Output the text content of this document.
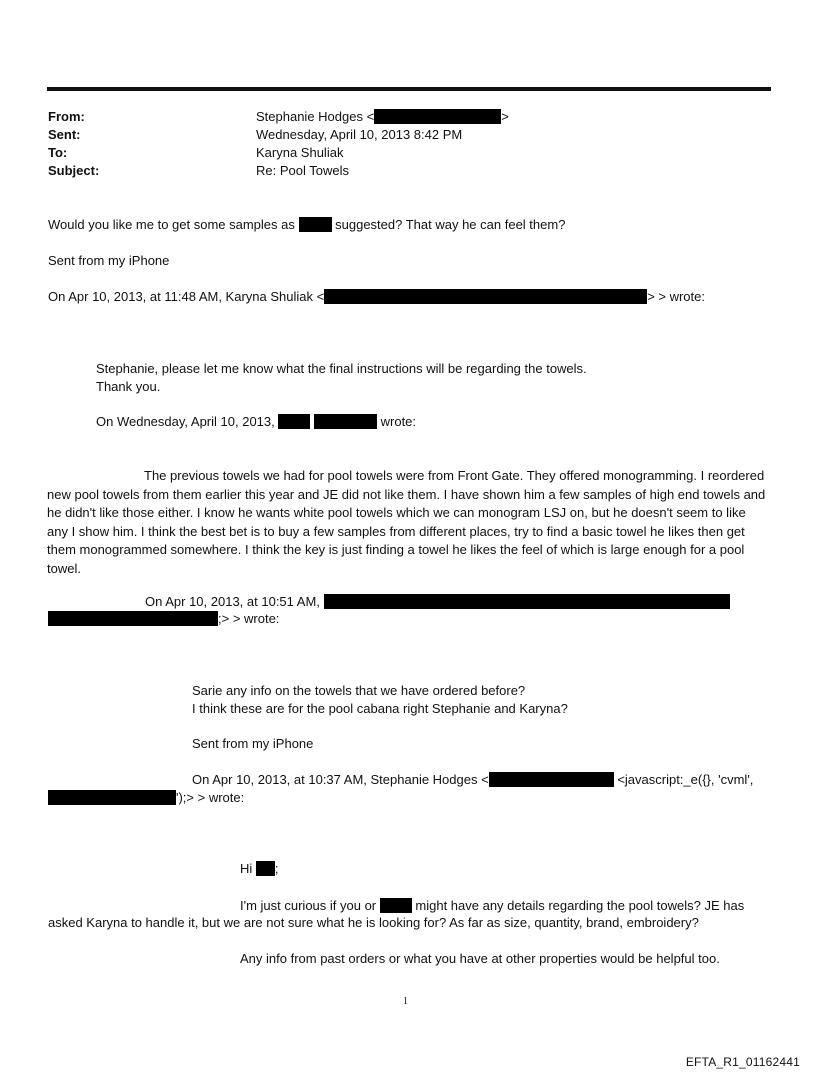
From:	Stephanie Hodges <	>
Sent:	Wednesday, April 10, 2013 8:42 PM
To:	Karyna Shuliak
Subject:	Re: Pool Towels
Would you like me to get some samples as	suggested? That way he can feel them?
Sent from my iPhone
On Apr 10, 2013, at 11:48 AM, Karyna Shuliak <	> > wrote:
Stephanie, please let me know what the final instructions will be regarding the towels.
Thank you.
On Wednesday, April 10, 2013,	wrote:
The previous towels we had for pool towels were from Front Gate. They offered monogramming. I reordered new pool towels from them earlier this year and JE did not like them. I have shown him a few samples of high end towels and he didn't like those either. I know he wants white pool towels which we can monogram LSJ on, but he doesn't seem to like any I show him. I think the best bet is to buy a few samples from different places, try to find a basic towel he likes then get them monogrammed somewhere. I think the key is just finding a towel he likes the feel of which is large enough for a pool towel.
On Apr 10, 2013, at 10:51 AM,
;> > wrote:
Sarie any info on the towels that we have ordered before?
I think these are for the pool cabana right Stephanie and Karyna?
Sent from my iPhone
On Apr 10, 2013, at 10:37 AM, Stephanie Hodges <	<javascript:_e({}, 'cvml',
');> > wrote:
Hi ;
I'm just curious if you or	might have any details regarding the pool towels? JE has
asked Karyna to handle it, but we are not sure what he is looking for? As far as size, quantity, brand, embroidery?
Any info from past orders or what you have at other properties would be helpful too.
1
EFTA_R1_01162441
